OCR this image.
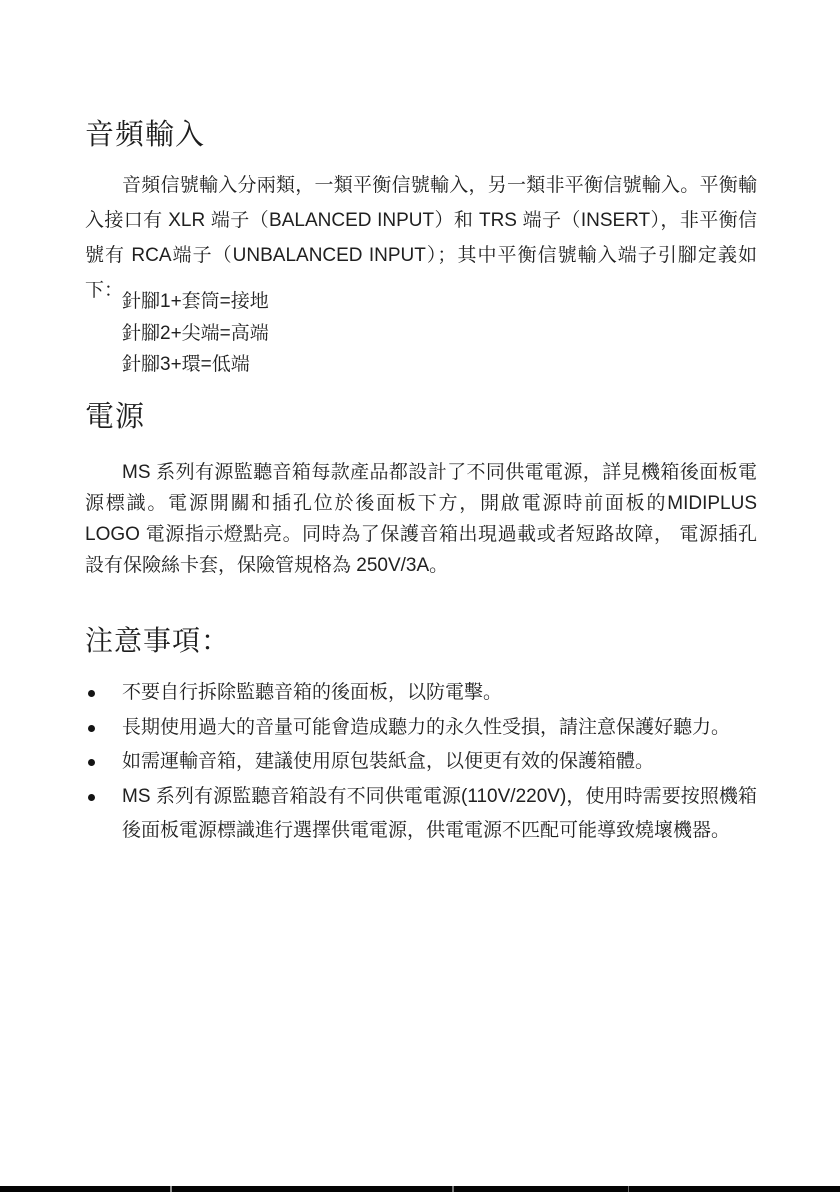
音頻輸入
音頻信號輸入分兩類，一類平衡信號輸入，另一類非平衡信號輸入。平衡輸入接口有 XLR 端子（BALANCED INPUT）和 TRS 端子（INSERT），非平衡信號有 RCA端子（UNBALANCED INPUT）；其中平衡信號輸入端子引腳定義如下：
針腳1+套筒=接地
針腳2+尖端=高端
針腳3+環=低端
電源
MS 系列有源監聽音箱每款產品都設計了不同供電電源，詳見機箱後面板電源標識。電源開關和插孔位於後面板下方，開啟電源時前面板的MIDIPLUS LOGO 電源指示燈點亮。同時為了保護音箱出現過載或者短路故障， 電源插孔設有保險絲卡套，保險管規格為 250V/3A。
注意事項：
不要自行拆除監聽音箱的後面板，以防電擊。
長期使用過大的音量可能會造成聽力的永久性受損，請注意保護好聽力。
如需運輸音箱，建議使用原包裝紙盒，以便更有效的保護箱體。
MS 系列有源監聽音箱設有不同供電電源(110V/220V)，使用時需要按照機箱後面板電源標識進行選擇供電電源，供電電源不匹配可能導致燒壞機器。
